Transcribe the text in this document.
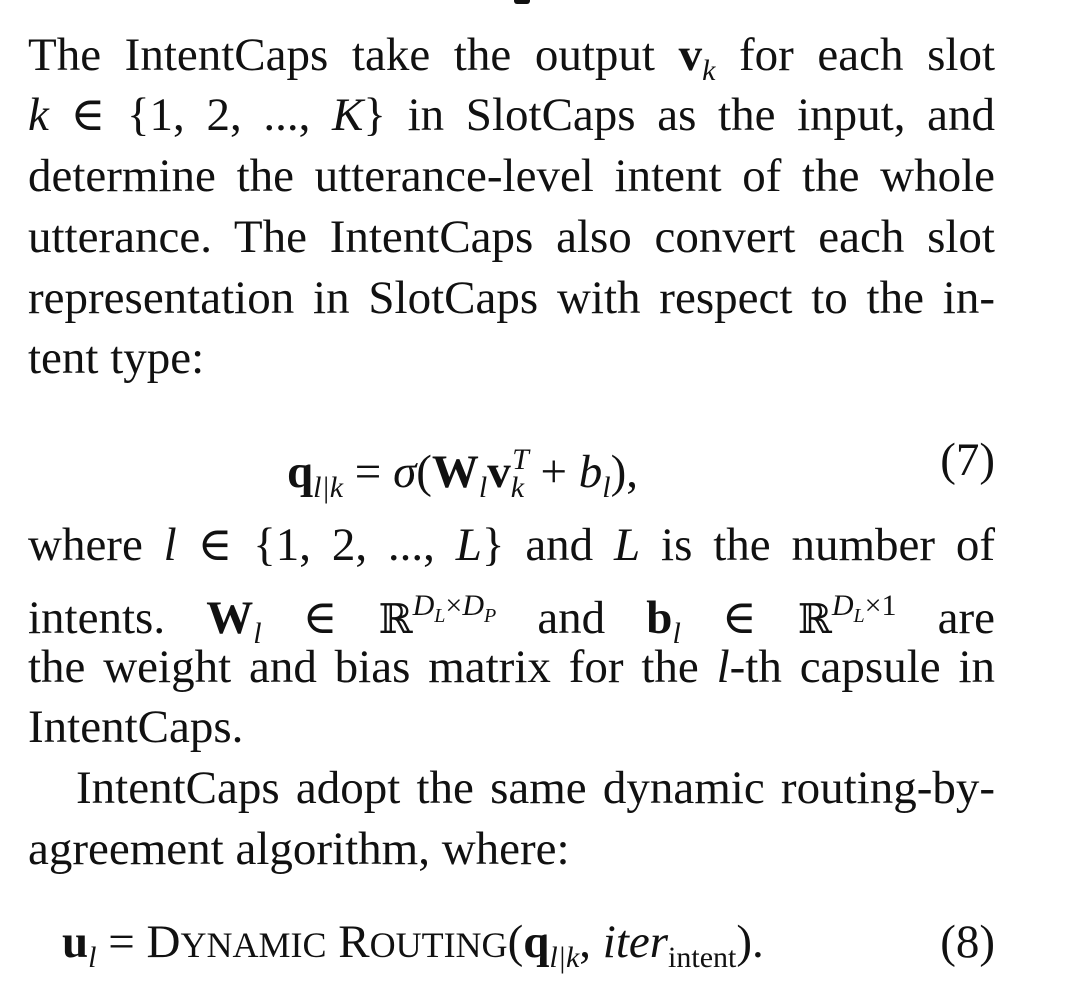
The IntentCaps take the output $v_k$ for each slot
k ∈ {1, 2, ..., K} in SlotCaps as the input, and
determine the utterance-level intent of the whole
utterance. The IntentCaps also convert each slot
representation in SlotCaps with respect to the in-
tent type:
$q_{l|k} = \sigma(W_lv_k^T + b_l)$,	(7)
where l ∈ {1, 2, ..., L} and L is the number of
intents. $W_l$ ∈ ℝ$^{D_L\times D_P}$ and $b_l$ ∈ ℝ$^{D_L\times 1}$ are
the weight and bias matrix for the l-th capsule in
IntentCaps.
IntentCaps adopt the same dynamic routing-by-
agreement algorithm, where:
$u_l$ = DYNAMIC $ROUTING(q_{l|k}$, iter$_{intent}$).	(8)
